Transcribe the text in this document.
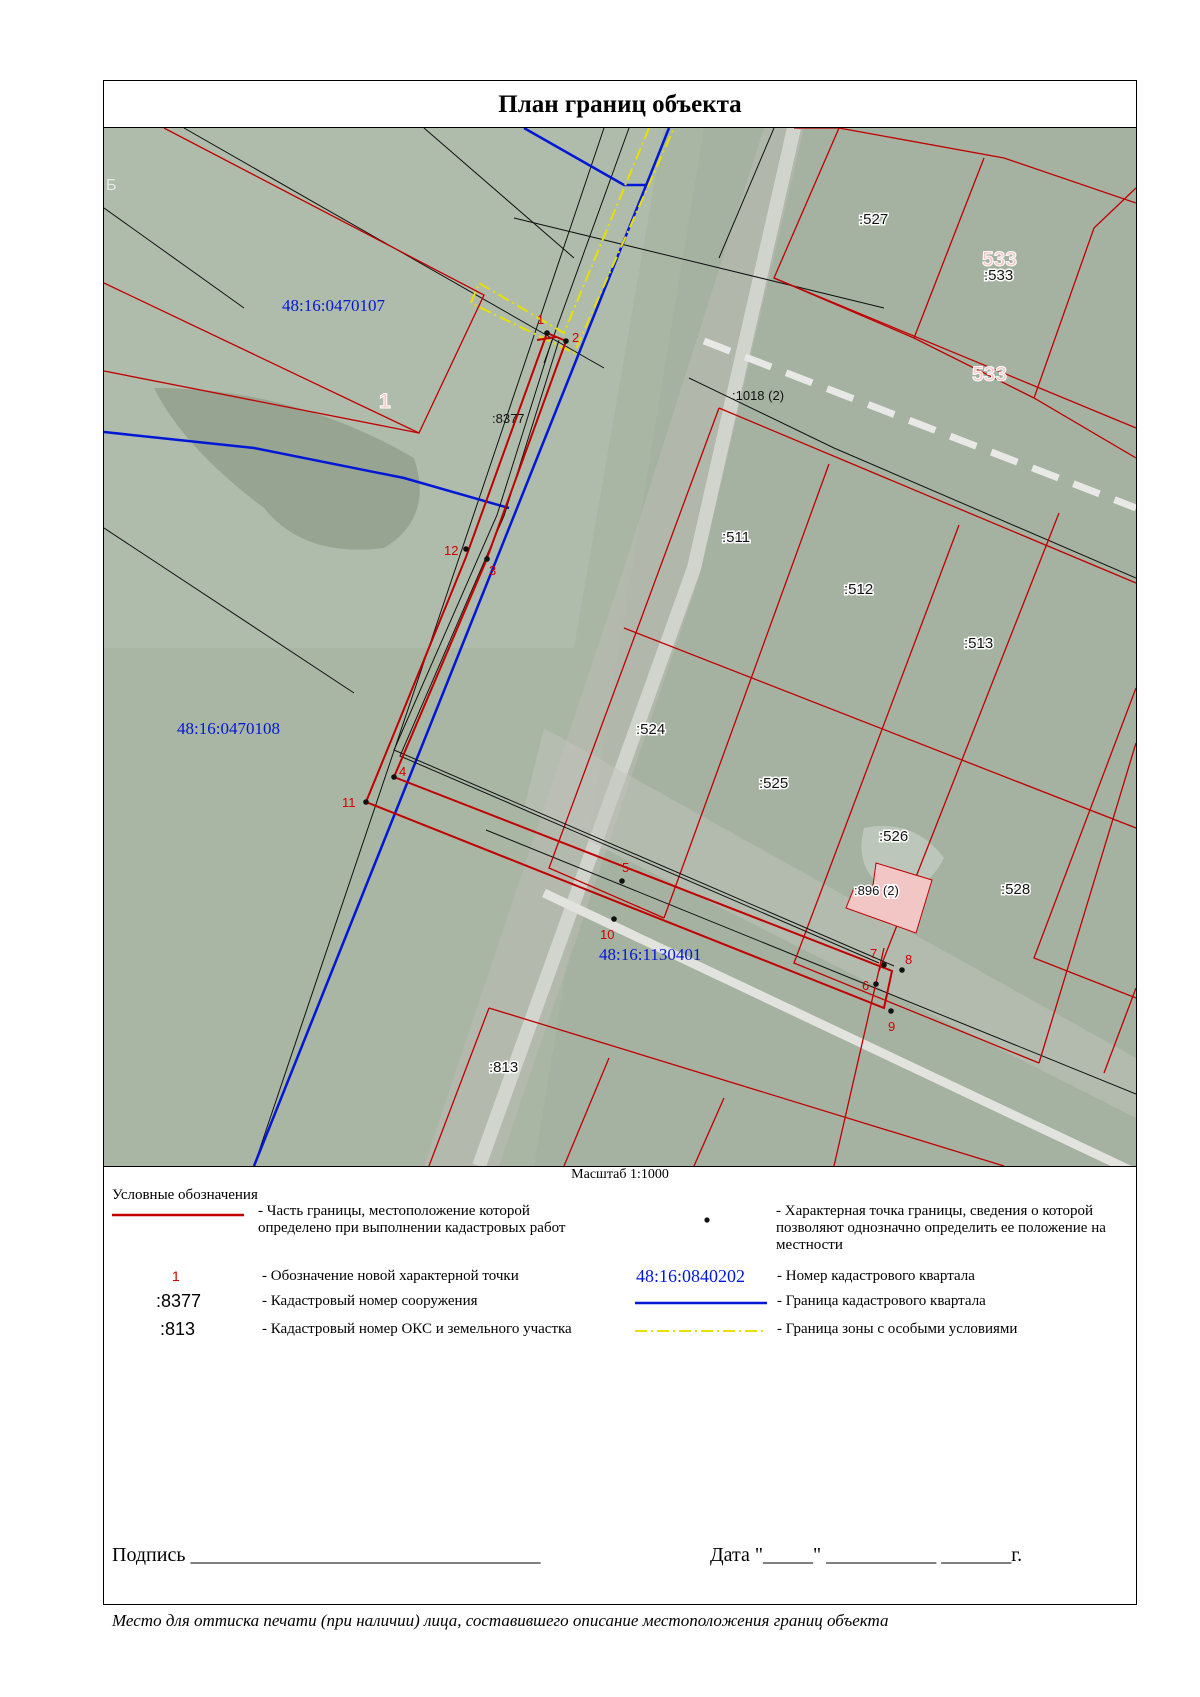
План границ объекта
1
2
3
4
5
6
7 8
9
10
11
12
533
533
1
48:16:0470107
48:16:0470108
48:16:1130401
:527
:533
:511
:512
:513
:524
:525
:526
:528
:813
:896 (2)
:8377
:1018 (2)
Б
Масштаб 1:1000
Условные обозначения
- Часть границы, местоположение которой определено при выполнении кадастровых работ
- Характерная точка границы, сведения о которой позволяют однозначно определить ее положение на местности
1	- Обозначение новой характерной точки	48:16:0840202 - Номер кадастрового квартала
:8377	- Кадастровый номер сооружения	- Граница кадастрового квартала
:813	- Кадастровый номер ОКС и земельного участка	- Граница зоны с особыми условиями
Подпись ___________________________________	Дата "_____" ___________ _______г.
Место для оттиска печати (при наличии) лица, составившего описание местоположения границ объекта
